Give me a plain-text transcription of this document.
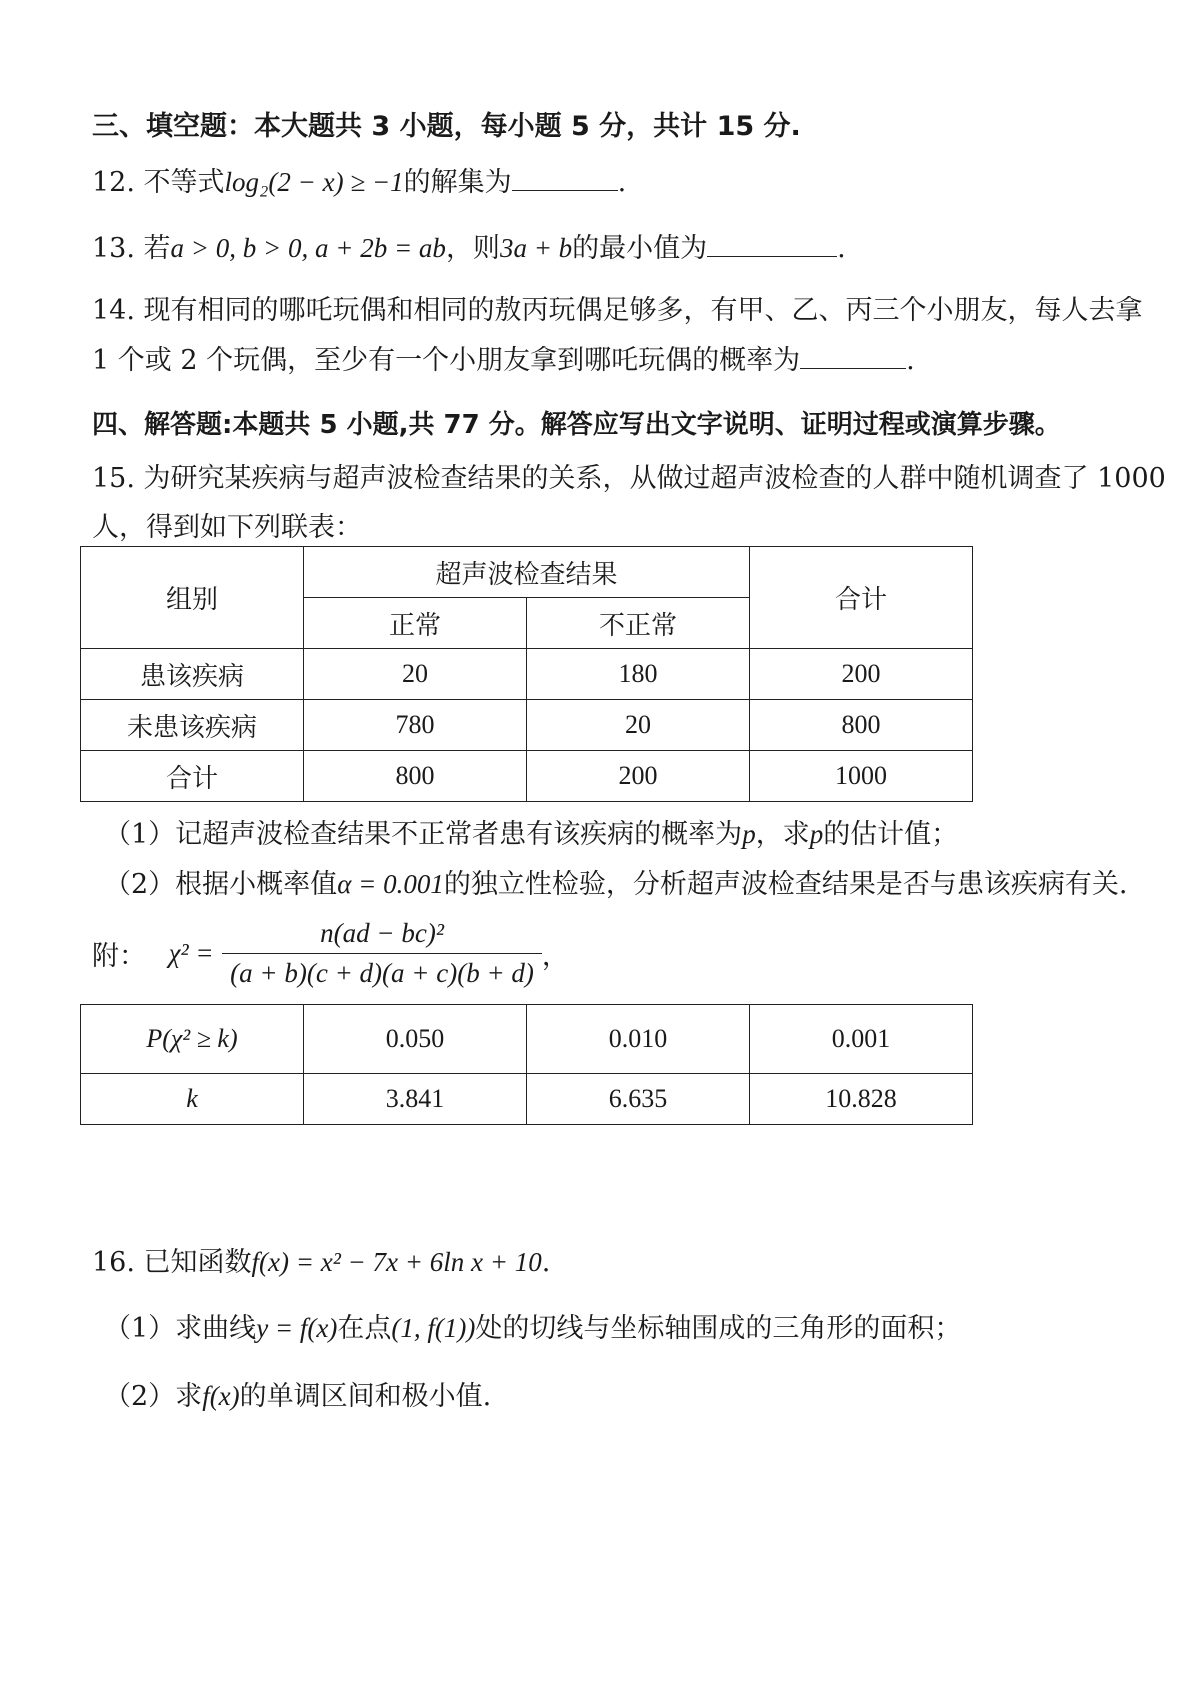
三、填空题：本大题共 3 小题，每小题 5 分，共计 15 分.
12. 不等式log₂(2 − x) ≥ −1的解集为	.
13. 若a > 0, b > 0, a + 2b = ab，则3a + b的最小值为	.
14. 现有相同的哪吒玩偶和相同的敖丙玩偶足够多，有甲、乙、丙三个小朋友，每人去拿
1 个或 2 个玩偶，至少有一个小朋友拿到哪吒玩偶的概率为	.
四、解答题:本题共 5 小题,共 77 分。解答应写出文字说明、证明过程或演算步骤。
15. 为研究某疾病与超声波检查结果的关系，从做过超声波检查的人群中随机调查了 1000
人，得到如下列联表：
组别	超声波检查结果		合计
	正常	不正常	
患该疾病	20	180	200
未患该疾病	780	20	800
合计	800	200	1000
（1）记超声波检查结果不正常者患有该疾病的概率为p，求p的估计值；
（2）根据小概率值α = 0.001的独立性检验，分析超声波检查结果是否与患该疾病有关.
附： $\chi^2 = \frac{\text{n(ad − bc)²}}{(a + b)(c + d)(a + c)(b + d)}$ ，
P(χ² ≥ k)	0.050	0.010	0.001
k	3.841	6.635	10.828
16. 已知函数f(x) = x² − 7x + 6ln x + 10.
（1）求曲线y = f(x)在点(1, f(1))处的切线与坐标轴围成的三角形的面积；
（2）求f(x)的单调区间和极小值.
